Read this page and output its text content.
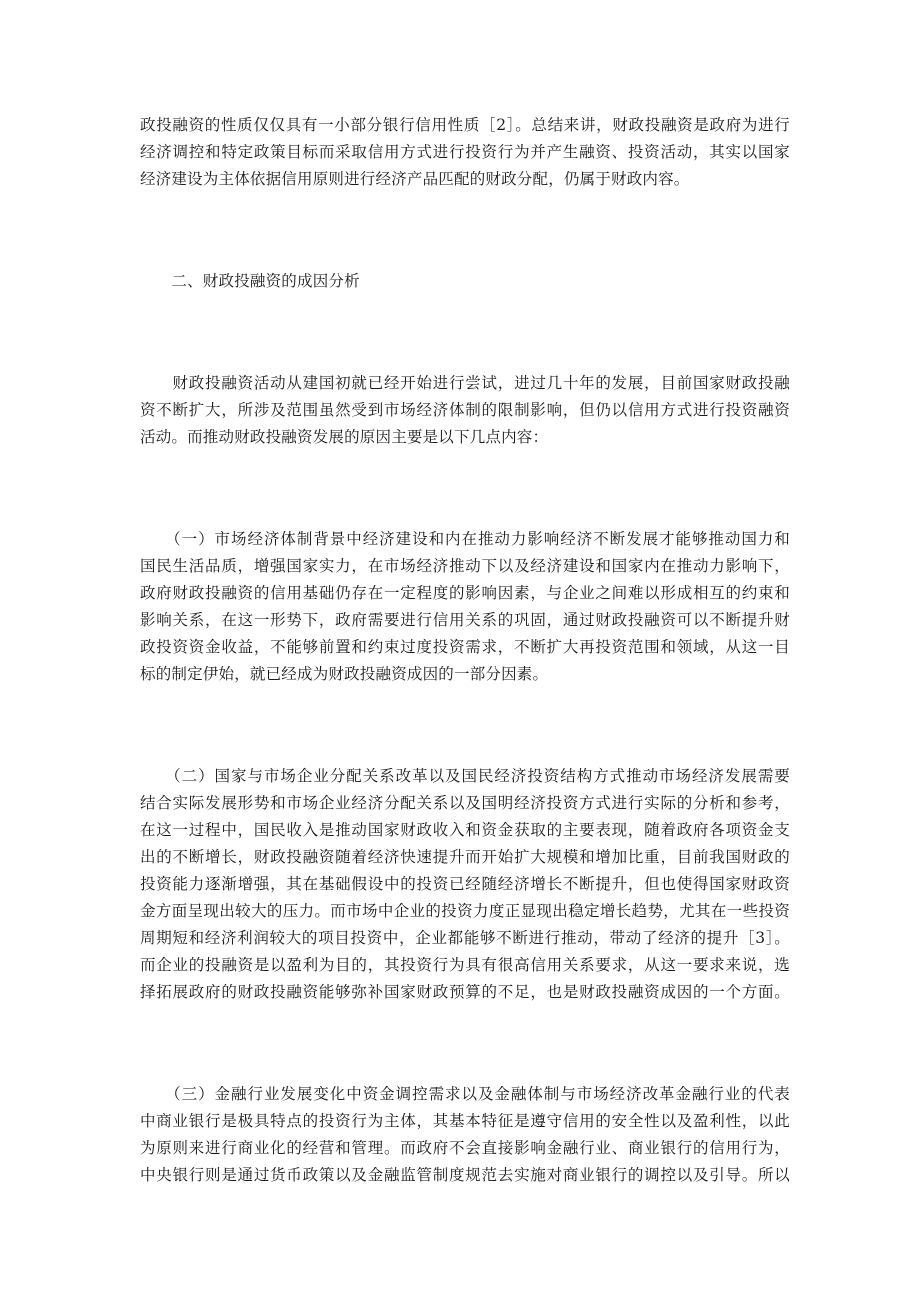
政投融资的性质仅仅具有一小部分银行信用性质［2］。总结来讲，财政投融资是政府为进行
经济调控和特定政策目标而采取信用方式进行投资行为并产生融资、投资活动，其实以国家
经济建设为主体依据信用原则进行经济产品匹配的财政分配，仍属于财政内容。
　　二、财政投融资的成因分析
　　财政投融资活动从建国初就已经开始进行尝试，进过几十年的发展，目前国家财政投融
资不断扩大，所涉及范围虽然受到市场经济体制的限制影响，但仍以信用方式进行投资融资
活动。而推动财政投融资发展的原因主要是以下几点内容：
　　（一）市场经济体制背景中经济建设和内在推动力影响经济不断发展才能够推动国力和
国民生活品质，增强国家实力，在市场经济推动下以及经济建设和国家内在推动力影响下，
政府财政投融资的信用基础仍存在一定程度的影响因素，与企业之间难以形成相互的约束和
影响关系，在这一形势下，政府需要进行信用关系的巩固，通过财政投融资可以不断提升财
政投资资金收益，不能够前置和约束过度投资需求，不断扩大再投资范围和领域，从这一目
标的制定伊始，就已经成为财政投融资成因的一部分因素。
　　（二）国家与市场企业分配关系改革以及国民经济投资结构方式推动市场经济发展需要
结合实际发展形势和市场企业经济分配关系以及国明经济投资方式进行实际的分析和参考，
在这一过程中，国民收入是推动国家财政收入和资金获取的主要表现，随着政府各项资金支
出的不断增长，财政投融资随着经济快速提升而开始扩大规模和增加比重，目前我国财政的
投资能力逐渐增强，其在基础假设中的投资已经随经济增长不断提升，但也使得国家财政资
金方面呈现出较大的压力。而市场中企业的投资力度正显现出稳定增长趋势，尤其在一些投资
周期短和经济利润较大的项目投资中，企业都能够不断进行推动，带动了经济的提升［3］。
而企业的投融资是以盈利为目的，其投资行为具有很高信用关系要求，从这一要求来说，选
择拓展政府的财政投融资能够弥补国家财政预算的不足，也是财政投融资成因的一个方面。
　　（三）金融行业发展变化中资金调控需求以及金融体制与市场经济改革金融行业的代表
中商业银行是极具特点的投资行为主体，其基本特征是遵守信用的安全性以及盈利性，以此
为原则来进行商业化的经营和管理。而政府不会直接影响金融行业、商业银行的信用行为，
中央银行则是通过货币政策以及金融监管制度规范去实施对商业银行的调控以及引导。所以
